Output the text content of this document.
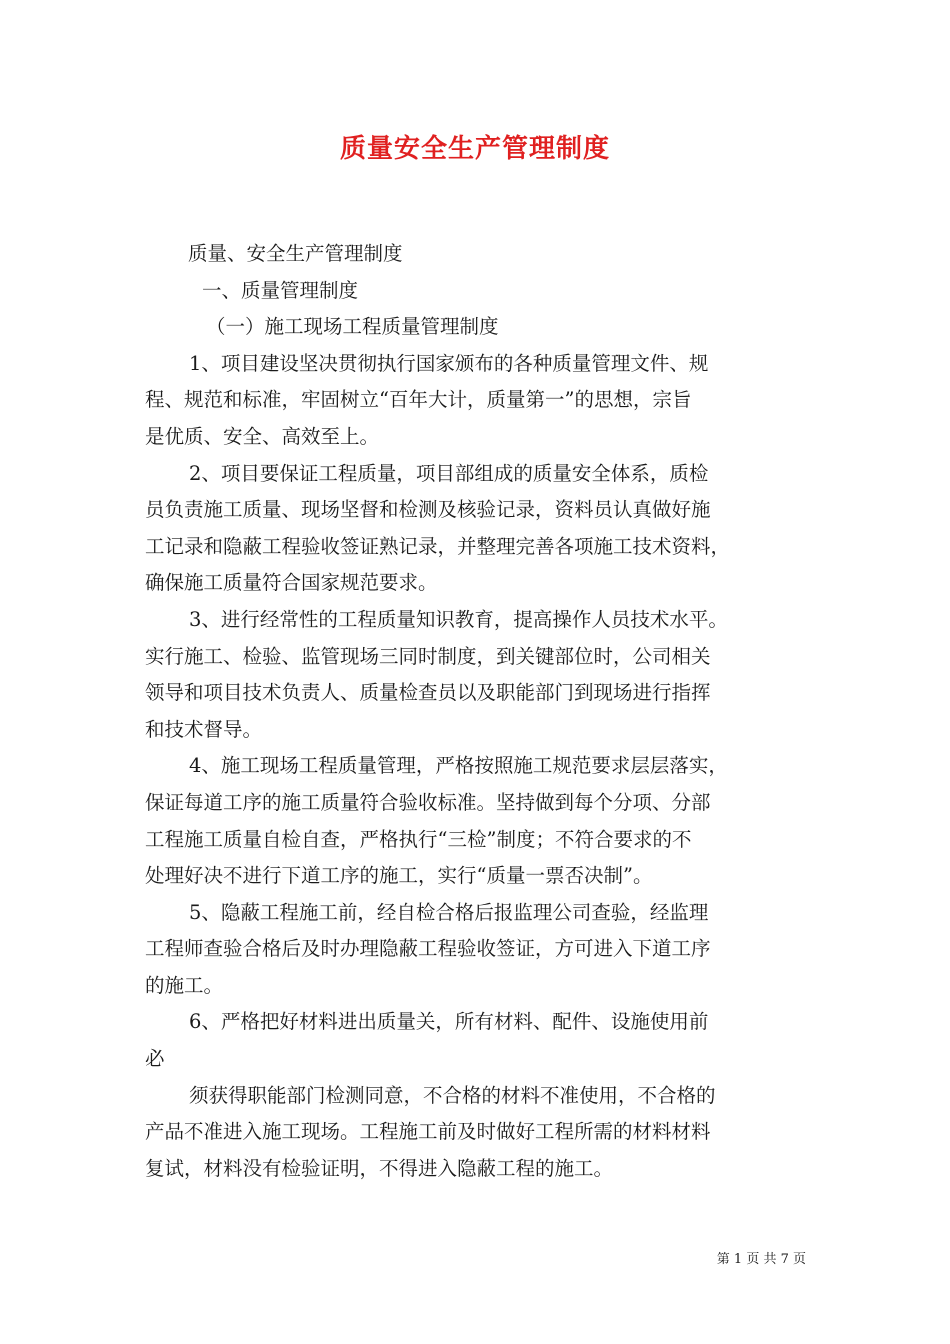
质量安全生产管理制度

质量、安全生产管理制度

一、质量管理制度

（一）施工现场工程质量管理制度

1、项目建设坚决贯彻执行国家颁布的各种质量管理文件、规

程、规范和标准，牢固树立“百年大计，质量第一”的思想，宗旨

是优质、安全、高效至上。

2、项目要保证工程质量，项目部组成的质量安全体系，质检

员负责施工质量、现场坚督和检测及核验记录，资料员认真做好施

工记录和隐蔽工程验收签证熟记录，并整理完善各项施工技术资料，

确保施工质量符合国家规范要求。

3、进行经常性的工程质量知识教育，提高操作人员技术水平。

实行施工、检验、监管现场三同时制度，到关键部位时，公司相关

领导和项目技术负责人、质量检查员以及职能部门到现场进行指挥

和技术督导。

4、施工现场工程质量管理，严格按照施工规范要求层层落实，

保证每道工序的施工质量符合验收标准。坚持做到每个分项、分部

工程施工质量自检自查，严格执行“三检”制度；不符合要求的不

处理好决不进行下道工序的施工，实行“质量一票否决制”。

5、隐蔽工程施工前，经自检合格后报监理公司查验，经监理

工程师查验合格后及时办理隐蔽工程验收签证，方可进入下道工序

的施工。

6、严格把好材料进出质量关，所有材料、配件、设施使用前

必

须获得职能部门检测同意，不合格的材料不准使用，不合格的

产品不准进入施工现场。工程施工前及时做好工程所需的材料材料

复试，材料没有检验证明，不得进入隐蔽工程的施工。

第 1 页 共 7 页
